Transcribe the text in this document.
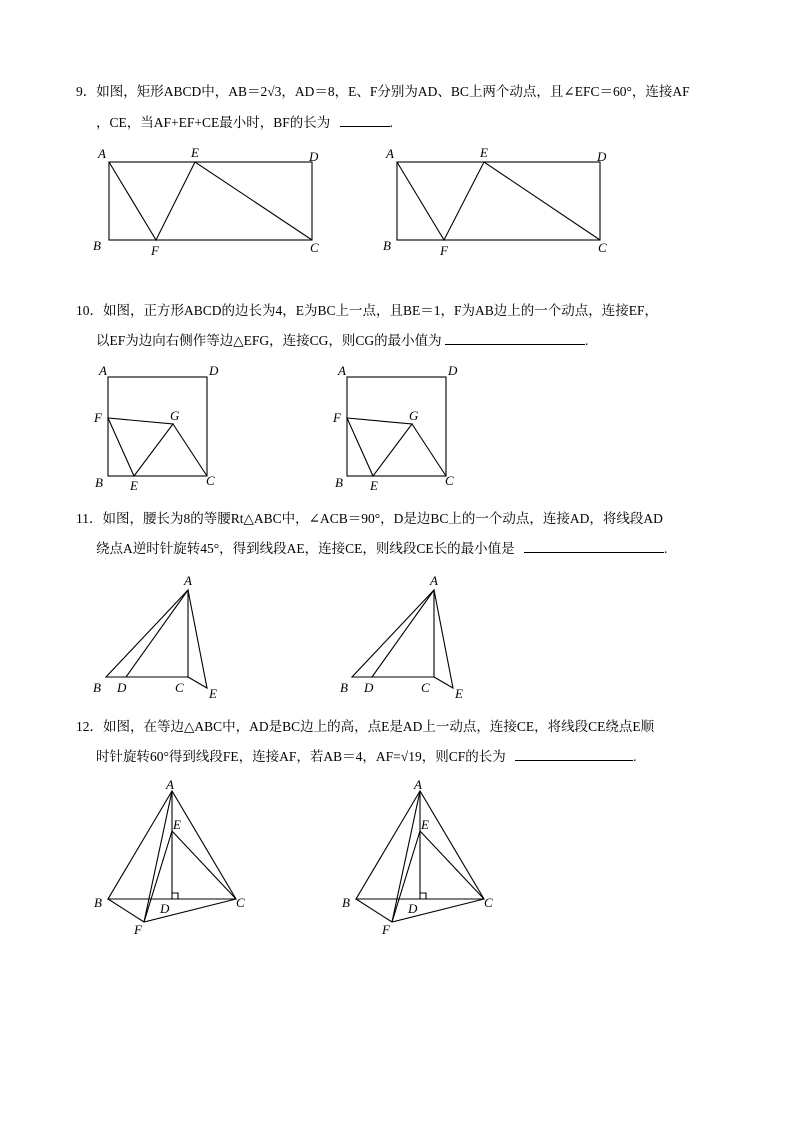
9．如图，矩形ABCD中，AB＝2√3，AD＝8，E、F分别为AD、BC上两个动点，且∠EFC＝60°，连接AF
，CE，当AF+EF+CE最小时，BF的长为	.
A	E	D
B	F	C
A	E	D
B	F	C
10．如图，正方形ABCD的边长为4，E为BC上一点，且BE＝1，F为AB边上的一个动点，连接EF，
以EF为边向右侧作等边△EFG，连接CG，则CG的最小值为	.
A	D
F	G
B E	C
A	D
F	G
B E	C
11．如图，腰长为8的等腰Rt△ABC中，∠ACB＝90°，D是边BC上的一个动点，连接AD，将线段AD
绕点A逆时针旋转45°，得到线段AE，连接CE，则线段CE长的最小值是	.
A
B D	C E
A
B D	C E
12．如图，在等边△ABC中，AD是BC边上的高，点E是AD上一动点，连接CE，将线段CE绕点E顺
时针旋转60°得到线段FE，连接AF，若AB＝4，AF=√19，则CF的长为	.
A
E
B	D	C
F
A
E
B	D	C
F
